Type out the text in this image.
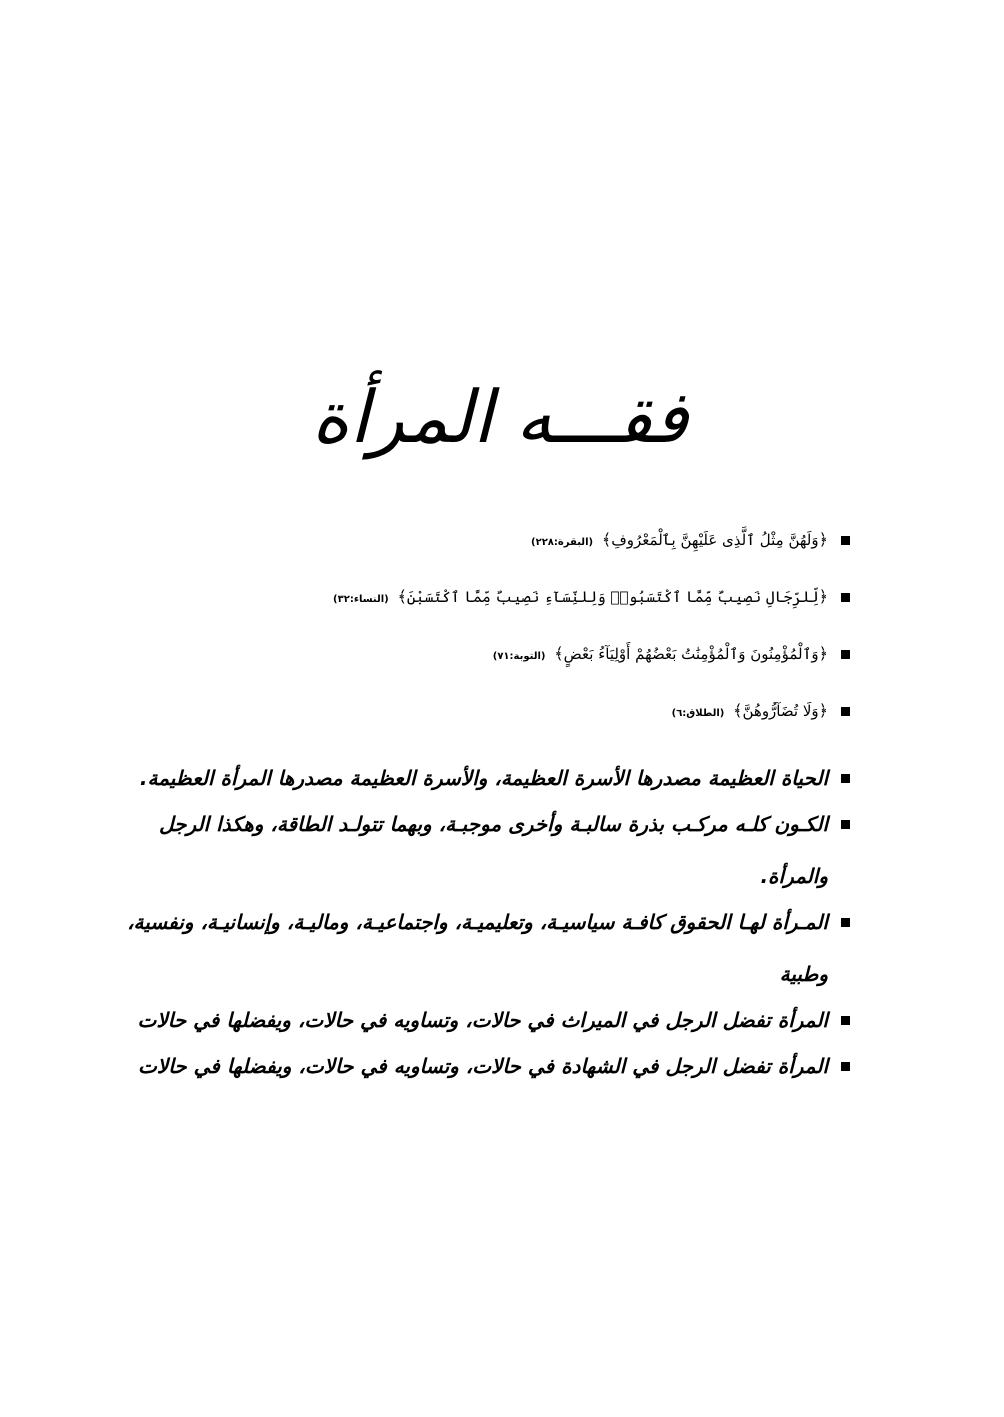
فقـــه المرأة
﴿وَلَهُنَّ مِثْلُ ٱلَّذِى عَلَيْهِنَّ بِٱلْمَعْرُوفِ﴾ (البقرة:٢٢٨)
﴿لِّلرِّجَالِ نَصِيبٌ مِّمَّا ٱكْتَسَبُوا۟ وَلِلنِّسَآءِ نَصِيبٌ مِّمَّا ٱكْتَسَبْنَ﴾ (النساء:٣٢)
﴿وَٱلْمُؤْمِنُونَ وَٱلْمُؤْمِنَٰتُ بَعْضُهُمْ أَوْلِيَآءُ بَعْضٍ﴾ (التوبة:٧١)
﴿وَلَا تُضَآرُّوهُنَّ﴾ (الطلاق:٦)
الحياة العظيمة مصدرها الأسرة العظيمة، والأسرة العظيمة مصدرها المرأة العظيمة.
الكـون كلـه مركـب بذرة سالبـة وأخرى موجبـة، وبهما تتولـد الطاقة، وهكذا الرجل والمرأة.
المـرأة لهـا الحقوق كافـة سياسيـة، وتعليميـة، واجتماعيـة، وماليـة، وإنسانيـة، ونفسية، وطبية
المرأة تفضل الرجل في الميراث في حالات، وتساويه في حالات، ويفضلها في حالات
المرأة تفضل الرجل في الشهادة في حالات، وتساويه في حالات، ويفضلها في حالات
